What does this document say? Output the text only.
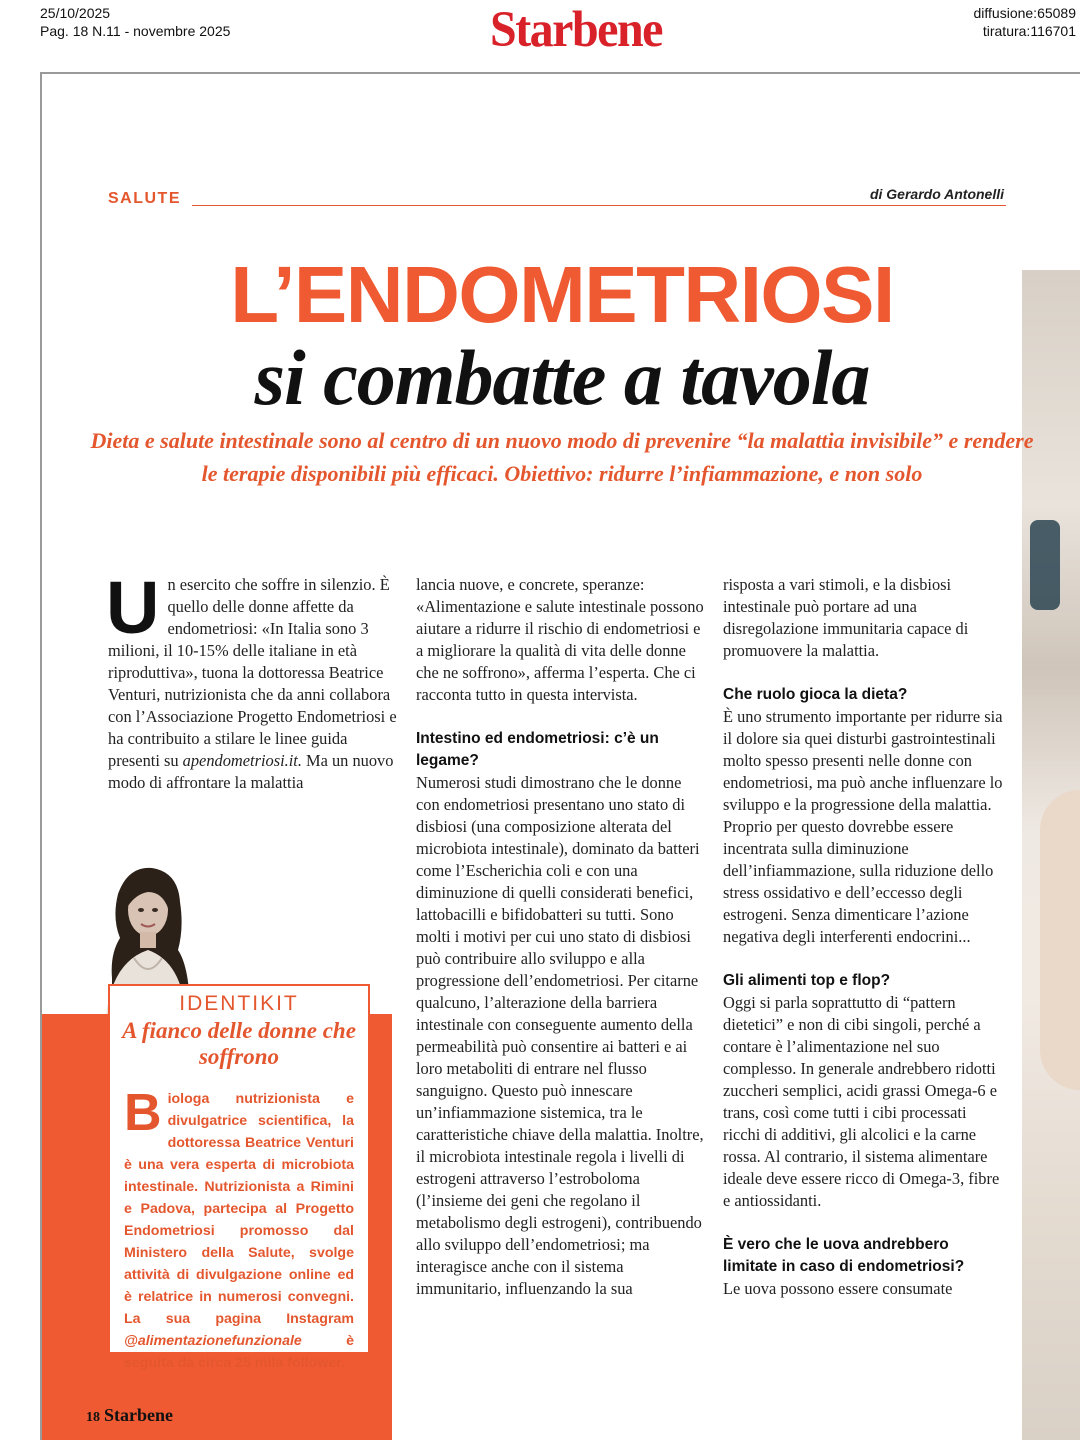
25/10/2025
Pag. 18 N.11 - novembre 2025	Starbene	diffusione:65089
tiratura:116701
SALUTE	di Gerardo Antonelli
L’ENDOMETRIOSI
si combatte a tavola
Dieta e salute intestinale sono al centro di un nuovo modo di prevenire “la malattia invisibile” e rendere le terapie disponibili più efficaci. Obiettivo: ridurre l’infiammazione, e non solo

Un esercito che soffre in silenzio. È quello delle donne affette da endometriosi: «In Italia sono 3 milioni, il 10-15% delle italiane in età riproduttiva», tuona la dottoressa Beatrice Venturi, nutrizionista che da anni collabora con l’Associazione Progetto Endometriosi e ha contribuito a stilare le linee guida presenti su apendometriosi.it. Ma un nuovo modo di affrontare la malattia

IDENTIKIT
A fianco delle donne che soffrono
Biologa nutrizionista e divulgatrice scientifica, la dottoressa Beatrice Venturi è una vera esperta di microbiota intestinale. Nutrizionista a Rimini e Padova, partecipa al Progetto Endometriosi promosso dal Ministero della Salute, svolge attività di divulgazione online ed è relatrice in numerosi convegni. La sua pagina Instagram @alimentazionefunzionale è seguita da circa 25 mila follower.

lancia nuove, e concrete, speranze: «Alimentazione e salute intestinale possono aiutare a ridurre il rischio di endometriosi e a migliorare la qualità di vita delle donne che ne soffrono», afferma l’esperta. Che ci racconta tutto in questa intervista.

Intestino ed endometriosi: c’è un legame?

Numerosi studi dimostrano che le donne con endometriosi presentano uno stato di disbiosi (una composizione alterata del microbiota intestinale), dominato da batteri come l’Escherichia coli e con una diminuzione di quelli considerati benefici, lattobacilli e bifidobatteri su tutti. Sono molti i motivi per cui uno stato di disbiosi può contribuire allo sviluppo e alla progressione dell’endometriosi. Per citarne qualcuno, l’alterazione della barriera intestinale con conseguente aumento della permeabilità può consentire ai batteri e ai loro metaboliti di entrare nel flusso sanguigno. Questo può innescare un’infiammazione sistemica, tra le caratteristiche chiave della malattia. Inoltre, il microbiota intestinale regola i livelli di estrogeni attraverso l’estroboloma (l’insieme dei geni che regolano il metabolismo degli estrogeni), contribuendo allo sviluppo dell’endometriosi; ma interagisce anche con il sistema immunitario, influenzando la sua

risposta a vari stimoli, e la disbiosi intestinale può portare ad una disregolazione immunitaria capace di promuovere la malattia.

Che ruolo gioca la dieta?

È uno strumento importante per ridurre sia il dolore sia quei disturbi gastrointestinali molto spesso presenti nelle donne con endometriosi, ma può anche influenzare lo sviluppo e la progressione della malattia. Proprio per questo dovrebbe essere incentrata sulla diminuzione dell’infiammazione, sulla riduzione dello stress ossidativo e dell’eccesso degli estrogeni. Senza dimenticare l’azione negativa degli interferenti endocrini...

Gli alimenti top e flop?

Oggi si parla soprattutto di “pattern dietetici” e non di cibi singoli, perché a contare è l’alimentazione nel suo complesso. In generale andrebbero ridotti zuccheri semplici, acidi grassi Omega-6 e trans, così come tutti i cibi processati ricchi di additivi, gli alcolici e la carne rossa. Al contrario, il sistema alimentare ideale deve essere ricco di Omega-3, fibre e antiossidanti.

È vero che le uova andrebbero limitate in caso di endometriosi?

Le uova possono essere consumate

18 Starbene
